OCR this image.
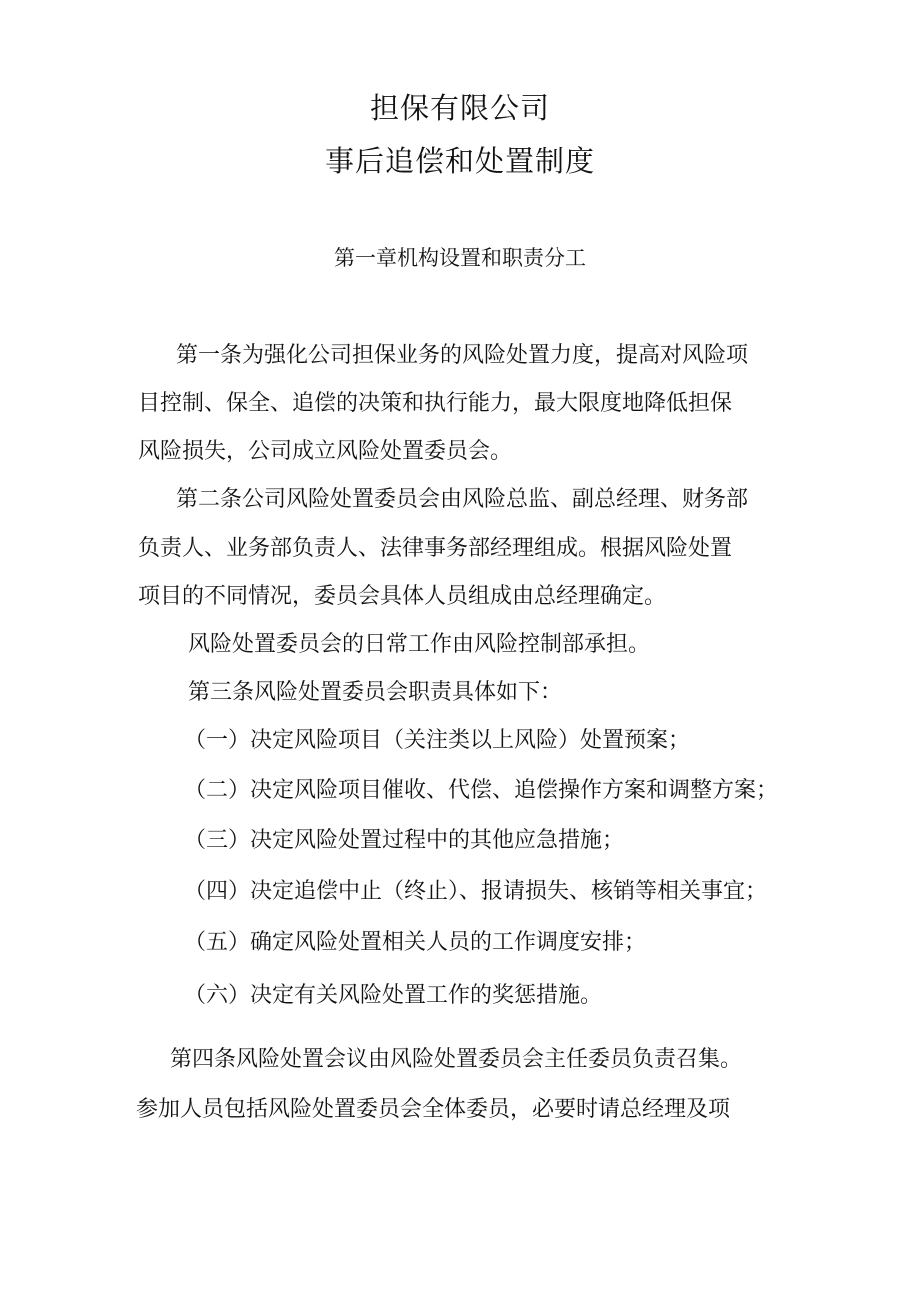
担保有限公司
事后追偿和处置制度
第一章机构设置和职责分工
第一条为强化公司担保业务的风险处置力度，提高对风险项
目控制、保全、追偿的决策和执行能力，最大限度地降低担保
风险损失，公司成立风险处置委员会。
第二条公司风险处置委员会由风险总监、副总经理、财务部
负责人、业务部负责人、法律事务部经理组成。根据风险处置
项目的不同情况，委员会具体人员组成由总经理确定。
风险处置委员会的日常工作由风险控制部承担。
第三条风险处置委员会职责具体如下：
（一）决定风险项目（关注类以上风险）处置预案；
（二）决定风险项目催收、代偿、追偿操作方案和调整方案；
（三）决定风险处置过程中的其他应急措施；
（四）决定追偿中止（终止）、报请损失、核销等相关事宜；
（五）确定风险处置相关人员的工作调度安排；
（六）决定有关风险处置工作的奖惩措施。
第四条风险处置会议由风险处置委员会主任委员负责召集。
参加人员包括风险处置委员会全体委员，必要时请总经理及项
